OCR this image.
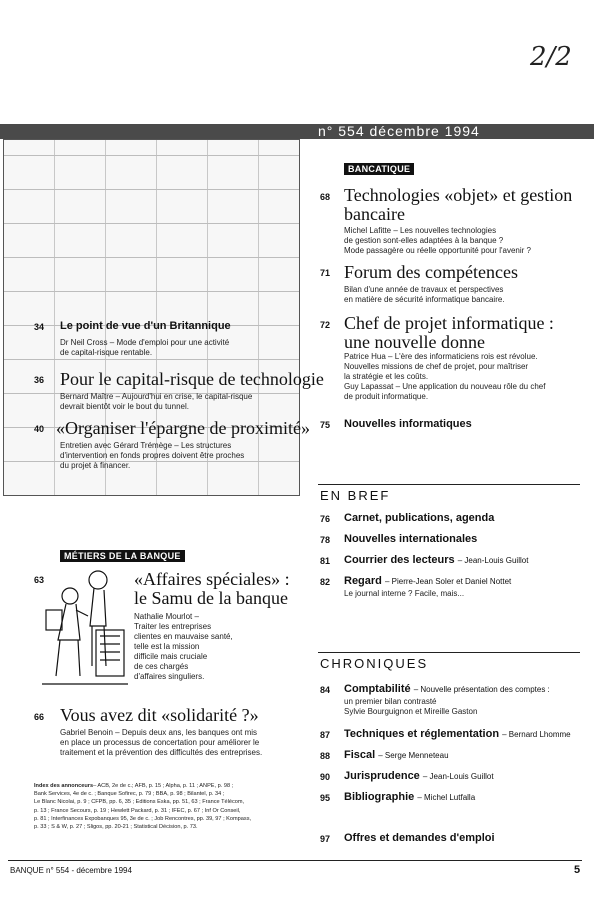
2/2
n° 554 décembre 1994
34 Le point de vue d'un Britannique
Dr Neil Cross – Mode d'emploi pour une activité
de capital-risque rentable.
36 Pour le capital-risque de technologie
Bernard Maître – Aujourd'hui en crise, le capital-risque
devrait bientôt voir le bout du tunnel.
40 «Organiser l'épargne de proximité»
Entretien avec Gérard Trémège – Les structures
d'intervention en fonds propres doivent être proches
du projet à financer.
BANCATIQUE
68 Technologies «objet» et gestion
bancaire
Michel Lafitte – Les nouvelles technologies
de gestion sont-elles adaptées à la banque ?
Mode passagère ou réelle opportunité pour l'avenir ?
71 Forum des compétences
Bilan d'une année de travaux et perspectives
en matière de sécurité informatique bancaire.
72 Chef de projet informatique :
une nouvelle donne
Patrice Hua – L'ère des informaticiens rois est révolue.
Nouvelles missions de chef de projet, pour maîtriser
la stratégie et les coûts.
Guy Lapassat – Une application du nouveau rôle du chef
de produit informatique.
75 Nouvelles informatiques
EN BREF
76 Carnet, publications, agenda
78 Nouvelles internationales
81 Courrier des lecteurs – Jean-Louis Guillot
82 Regard – Pierre-Jean Soler et Daniel Nottet
Le journal interne ? Facile, mais...
MÉTIERS DE LA BANQUE
63	«Affaires spéciales» :
le Samu de la banque
Nathalie Mourlot –
Traiter les entreprises
clientes en mauvaise santé,
telle est la mission
difficile mais cruciale
de ces chargés
d'affaires singuliers.
66 Vous avez dit «solidarité ?»
Gabriel Benoin – Depuis deux ans, les banques ont mis
en place un processus de concertation pour améliorer le
traitement et la prévention des difficultés des entreprises.
Index des annonceurs– ACB, 2e de c.; AFB, p. 15 ; Alpha, p. 11 ; ANPE, p. 98 ;
Bank Services, 4e de c. ; Banque Sofirec, p. 79 ; BBA, p. 98 ; Bilantel, p. 34 ;
Le Blanc Nicolai, p. 9 ; CFPB, pp. 6, 35 ; Editions Eska, pp. 51, 63 ; France Télécom,
p. 13 ; France Secours, p. 19 ; Hewlett Packard, p. 31 ; IFEC, p. 67 ; Inf Or Conseil,
p. 81 ; Interfinances Expobanques 95, 3e de c. ; Job Rencontres, pp. 39, 97 ; Kompass,
p. 33 ; S & W, p. 27 ; Sligos, pp. 20-21 ; Statistical Décision, p. 73.
CHRONIQUES
84 Comptabilité – Nouvelle présentation des comptes :
un premier bilan contrasté
Sylvie Bourguignon et Mireille Gaston
87 Techniques et réglementation – Bernard Lhomme
88 Fiscal – Serge Menneteau
90 Jurisprudence – Jean-Louis Guillot
95 Bibliographie – Michel Lutfalla
97 Offres et demandes d'emploi
BANQUE n° 554 - décembre 1994	5
